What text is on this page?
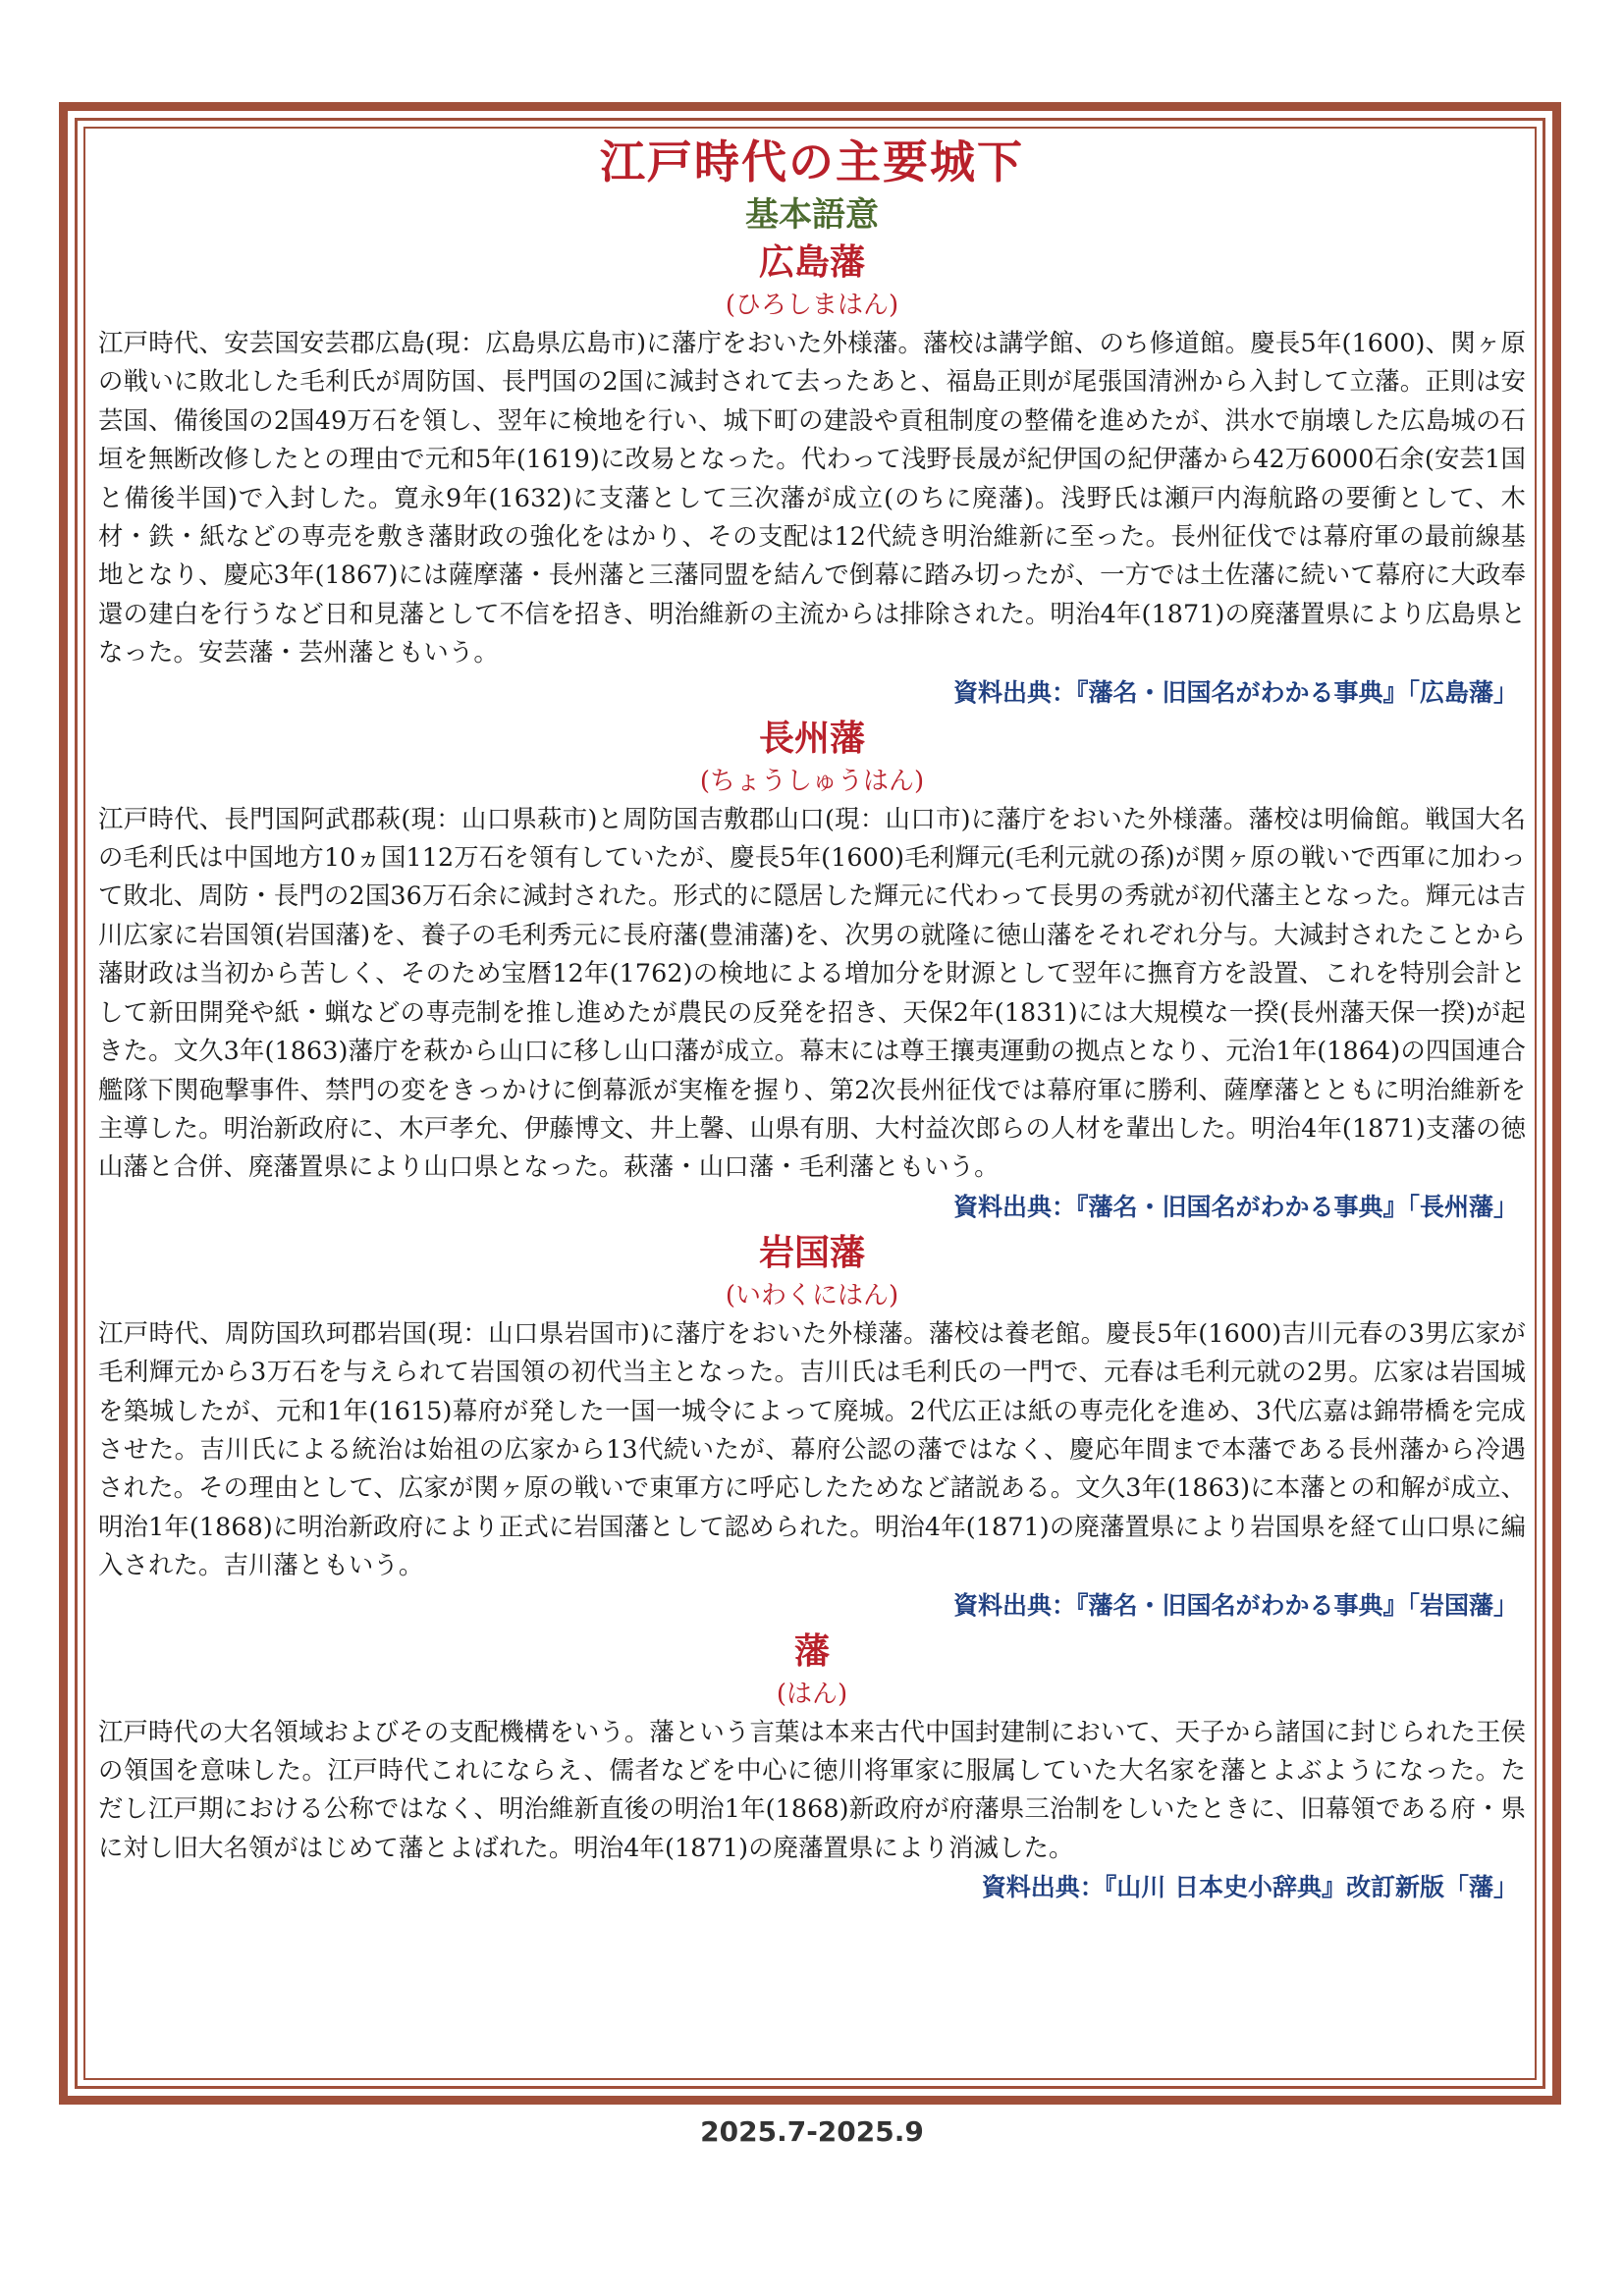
江戸時代の主要城下
基本語意
広島藩

(ひろしまはん)

江戸時代、安芸国安芸郡広島(現：広島県広島市)に藩庁をおいた外様藩。藩校は講学館、のち修道館。慶長5年(1600)、関ヶ原の戦いに敗北した毛利氏が周防国、長門国の2国に減封されて去ったあと、福島正則が尾張国清洲から入封して立藩。正則は安芸国、備後国の2国49万石を領し、翌年に検地を行い、城下町の建設や貢租制度の整備を進めたが、洪水で崩壊した広島城の石垣を無断改修したとの理由で元和5年(1619)に改易となった。代わって浅野長晟が紀伊国の紀伊藩から42万6000石余(安芸1国と備後半国)で入封した。寛永9年(1632)に支藩として三次藩が成立(のちに廃藩)。浅野氏は瀬戸内海航路の要衝として、木材・鉄・紙などの専売を敷き藩財政の強化をはかり、その支配は12代続き明治維新に至った。長州征伐では幕府軍の最前線基地となり、慶応3年(1867)には薩摩藩・長州藩と三藩同盟を結んで倒幕に踏み切ったが、一方では土佐藩に続いて幕府に大政奉還の建白を行うなど日和見藩として不信を招き、明治維新の主流からは排除された。明治4年(1871)の廃藩置県により広島県となった。安芸藩・芸州藩ともいう。

資料出典：『藩名・旧国名がわかる事典』「広島藩」

長州藩

(ちょうしゅうはん)

江戸時代、長門国阿武郡萩(現：山口県萩市)と周防国吉敷郡山口(現：山口市)に藩庁をおいた外様藩。藩校は明倫館。戦国大名の毛利氏は中国地方10ヵ国112万石を領有していたが、慶長5年(1600)毛利輝元(毛利元就の孫)が関ヶ原の戦いで西軍に加わって敗北、周防・長門の2国36万石余に減封された。形式的に隠居した輝元に代わって長男の秀就が初代藩主となった。輝元は吉川広家に岩国領(岩国藩)を、養子の毛利秀元に長府藩(豊浦藩)を、次男の就隆に徳山藩をそれぞれ分与。大減封されたことから藩財政は当初から苦しく、そのため宝暦12年(1762)の検地による増加分を財源として翌年に撫育方を設置、これを特別会計として新田開発や紙・蝋などの専売制を推し進めたが農民の反発を招き、天保2年(1831)には大規模な一揆(長州藩天保一揆)が起きた。文久3年(1863)藩庁を萩から山口に移し山口藩が成立。幕末には尊王攘夷運動の拠点となり、元治1年(1864)の四国連合艦隊下関砲撃事件、禁門の変をきっかけに倒幕派が実権を握り、第2次長州征伐では幕府軍に勝利、薩摩藩とともに明治維新を主導した。明治新政府に、木戸孝允、伊藤博文、井上馨、山県有朋、大村益次郎らの人材を輩出した。明治4年(1871)支藩の徳山藩と合併、廃藩置県により山口県となった。萩藩・山口藩・毛利藩ともいう。

資料出典：『藩名・旧国名がわかる事典』「長州藩」

岩国藩

(いわくにはん)

江戸時代、周防国玖珂郡岩国(現：山口県岩国市)に藩庁をおいた外様藩。藩校は養老館。慶長5年(1600)吉川元春の3男広家が毛利輝元から3万石を与えられて岩国領の初代当主となった。吉川氏は毛利氏の一門で、元春は毛利元就の2男。広家は岩国城を築城したが、元和1年(1615)幕府が発した一国一城令によって廃城。2代広正は紙の専売化を進め、3代広嘉は錦帯橋を完成させた。吉川氏による統治は始祖の広家から13代続いたが、幕府公認の藩ではなく、慶応年間まで本藩である長州藩から冷遇された。その理由として、広家が関ヶ原の戦いで東軍方に呼応したためなど諸説ある。文久3年(1863)に本藩との和解が成立、明治1年(1868)に明治新政府により正式に岩国藩として認められた。明治4年(1871)の廃藩置県により岩国県を経て山口県に編入された。吉川藩ともいう。

資料出典：『藩名・旧国名がわかる事典』「岩国藩」

藩

(はん)

江戸時代の大名領域およびその支配機構をいう。藩という言葉は本来古代中国封建制において、天子から諸国に封じられた王侯の領国を意味した。江戸時代これにならえ、儒者などを中心に徳川将軍家に服属していた大名家を藩とよぶようになった。ただし江戸期における公称ではなく、明治維新直後の明治1年(1868)新政府が府藩県三治制をしいたときに、旧幕領である府・県に対し旧大名領がはじめて藩とよばれた。明治4年(1871)の廃藩置県により消滅した。

資料出典：『山川 日本史小辞典』改訂新版「藩」

2025.7-2025.9
